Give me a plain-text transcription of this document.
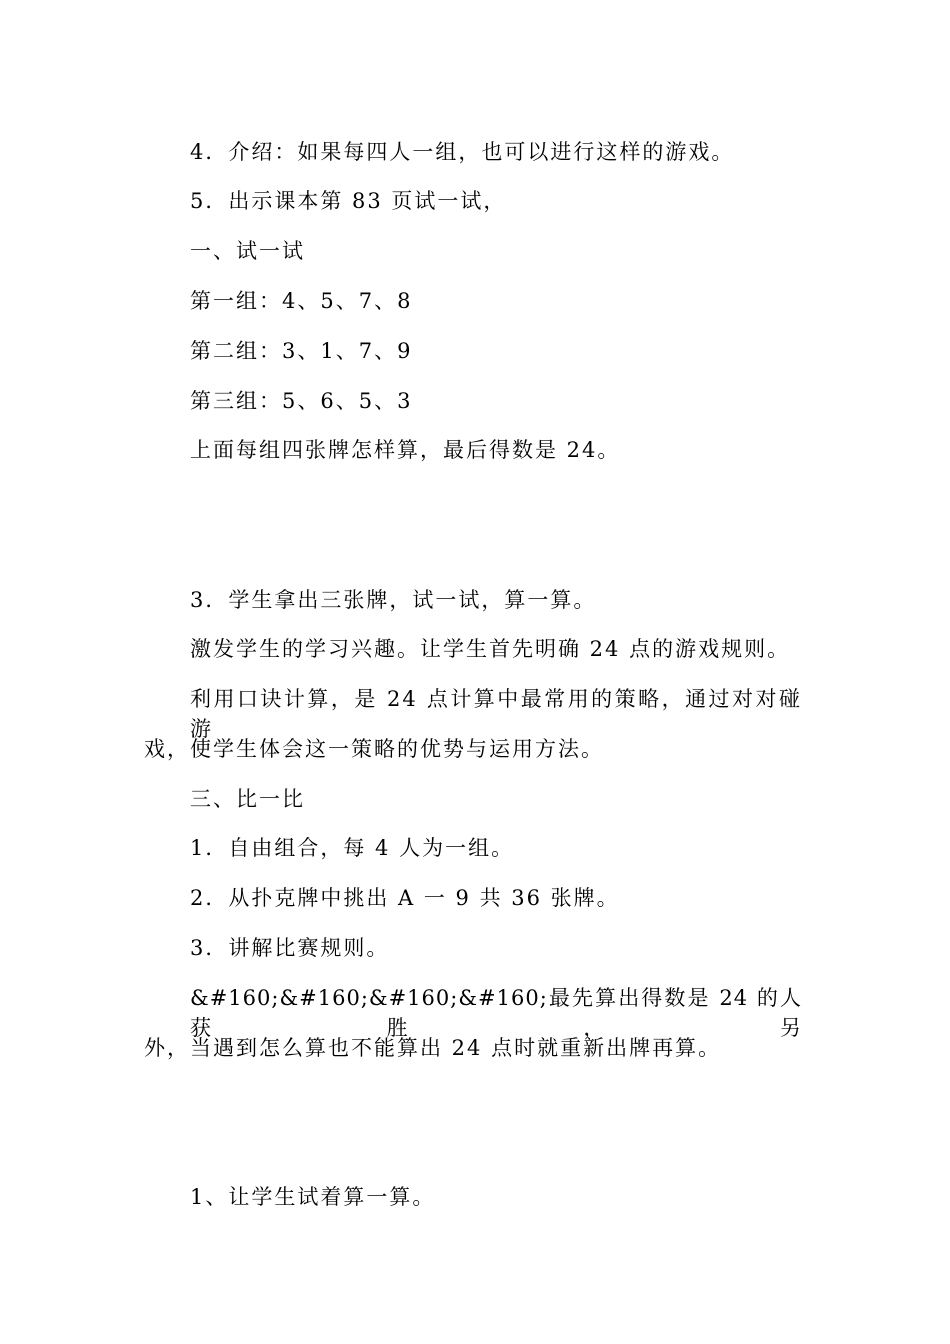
4．介绍：如果每四人一组，也可以进行这样的游戏。
5．出示课本第 83 页试一试，
一、试一试
第一组：4、5、7、8
第二组：3、1、7、9
第三组：5、6、5、3
上面每组四张牌怎样算，最后得数是 24。
3．学生拿出三张牌，试一试，算一算。
激发学生的学习兴趣。让学生首先明确 24 点的游戏规则。
利用口诀计算，是 24 点计算中最常用的策略，通过对对碰游
戏，使学生体会这一策略的优势与运用方法。
三、比一比
1．自由组合，每 4 人为一组。
2．从扑克牌中挑出 A 一 9 共 36 张牌。
3．讲解比赛规则。
&#160;&#160;&#160;&#160;最先算出得数是 24 的人获胜，另
外，当遇到怎么算也不能算出 24 点时就重新出牌再算。
1、让学生试着算一算。
